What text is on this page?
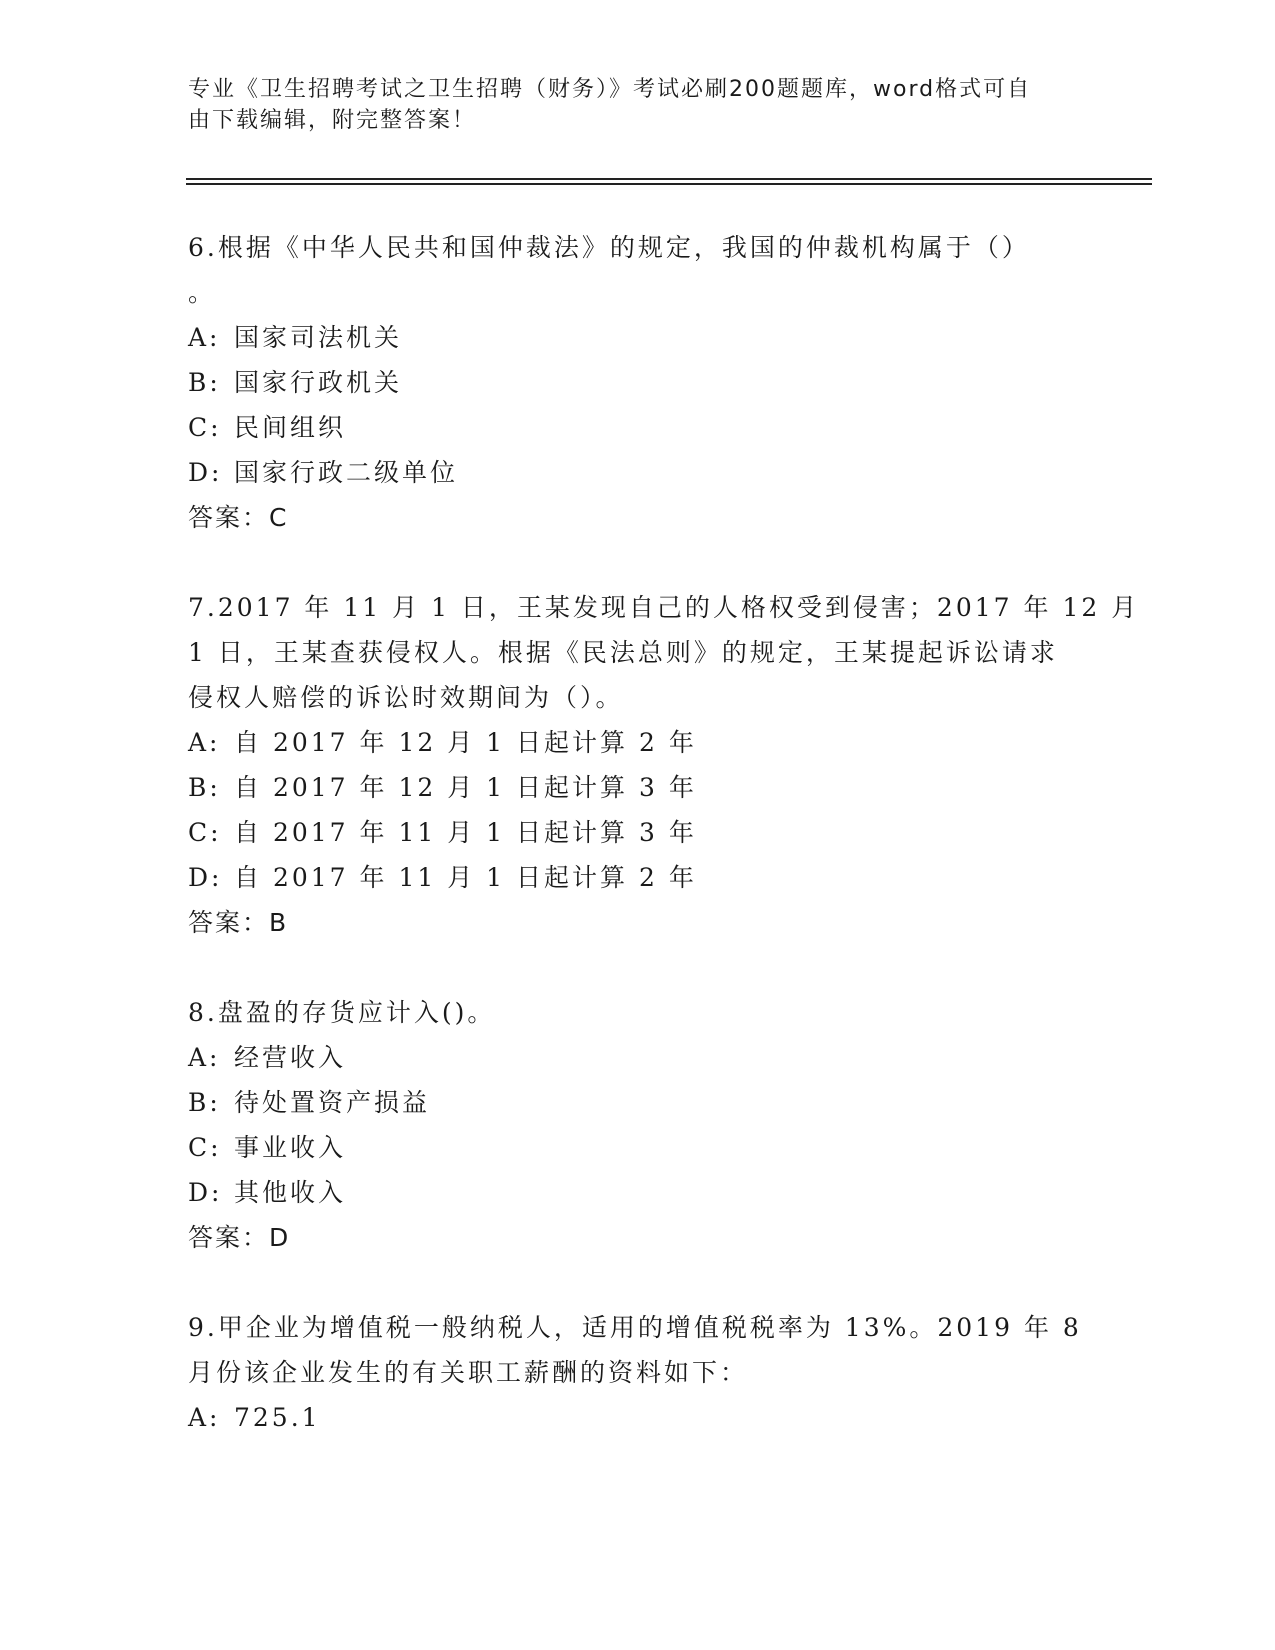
专业《卫生招聘考试之卫生招聘（财务）》考试必刷200题题库，word格式可自
由下载编辑，附完整答案！
6.根据《中华人民共和国仲裁法》的规定，我国的仲裁机构属于（）
。
A: 国家司法机关
B: 国家行政机关
C: 民间组织
D: 国家行政二级单位
答案：C
7.2017 年 11 月 1 日，王某发现自己的人格权受到侵害；2017 年 12 月
1 日，王某查获侵权人。根据《民法总则》的规定，王某提起诉讼请求
侵权人赔偿的诉讼时效期间为（）。
A: 自 2017 年 12 月 1 日起计算 2 年
B: 自 2017 年 12 月 1 日起计算 3 年
C: 自 2017 年 11 月 1 日起计算 3 年
D: 自 2017 年 11 月 1 日起计算 2 年
答案：B
8.盘盈的存货应计入()。
A: 经营收入
B: 待处置资产损益
C: 事业收入
D: 其他收入
答案：D
9.甲企业为增值税一般纳税人，适用的增值税税率为 13%。2019 年 8
月份该企业发生的有关职工薪酬的资料如下：
A: 725.1
